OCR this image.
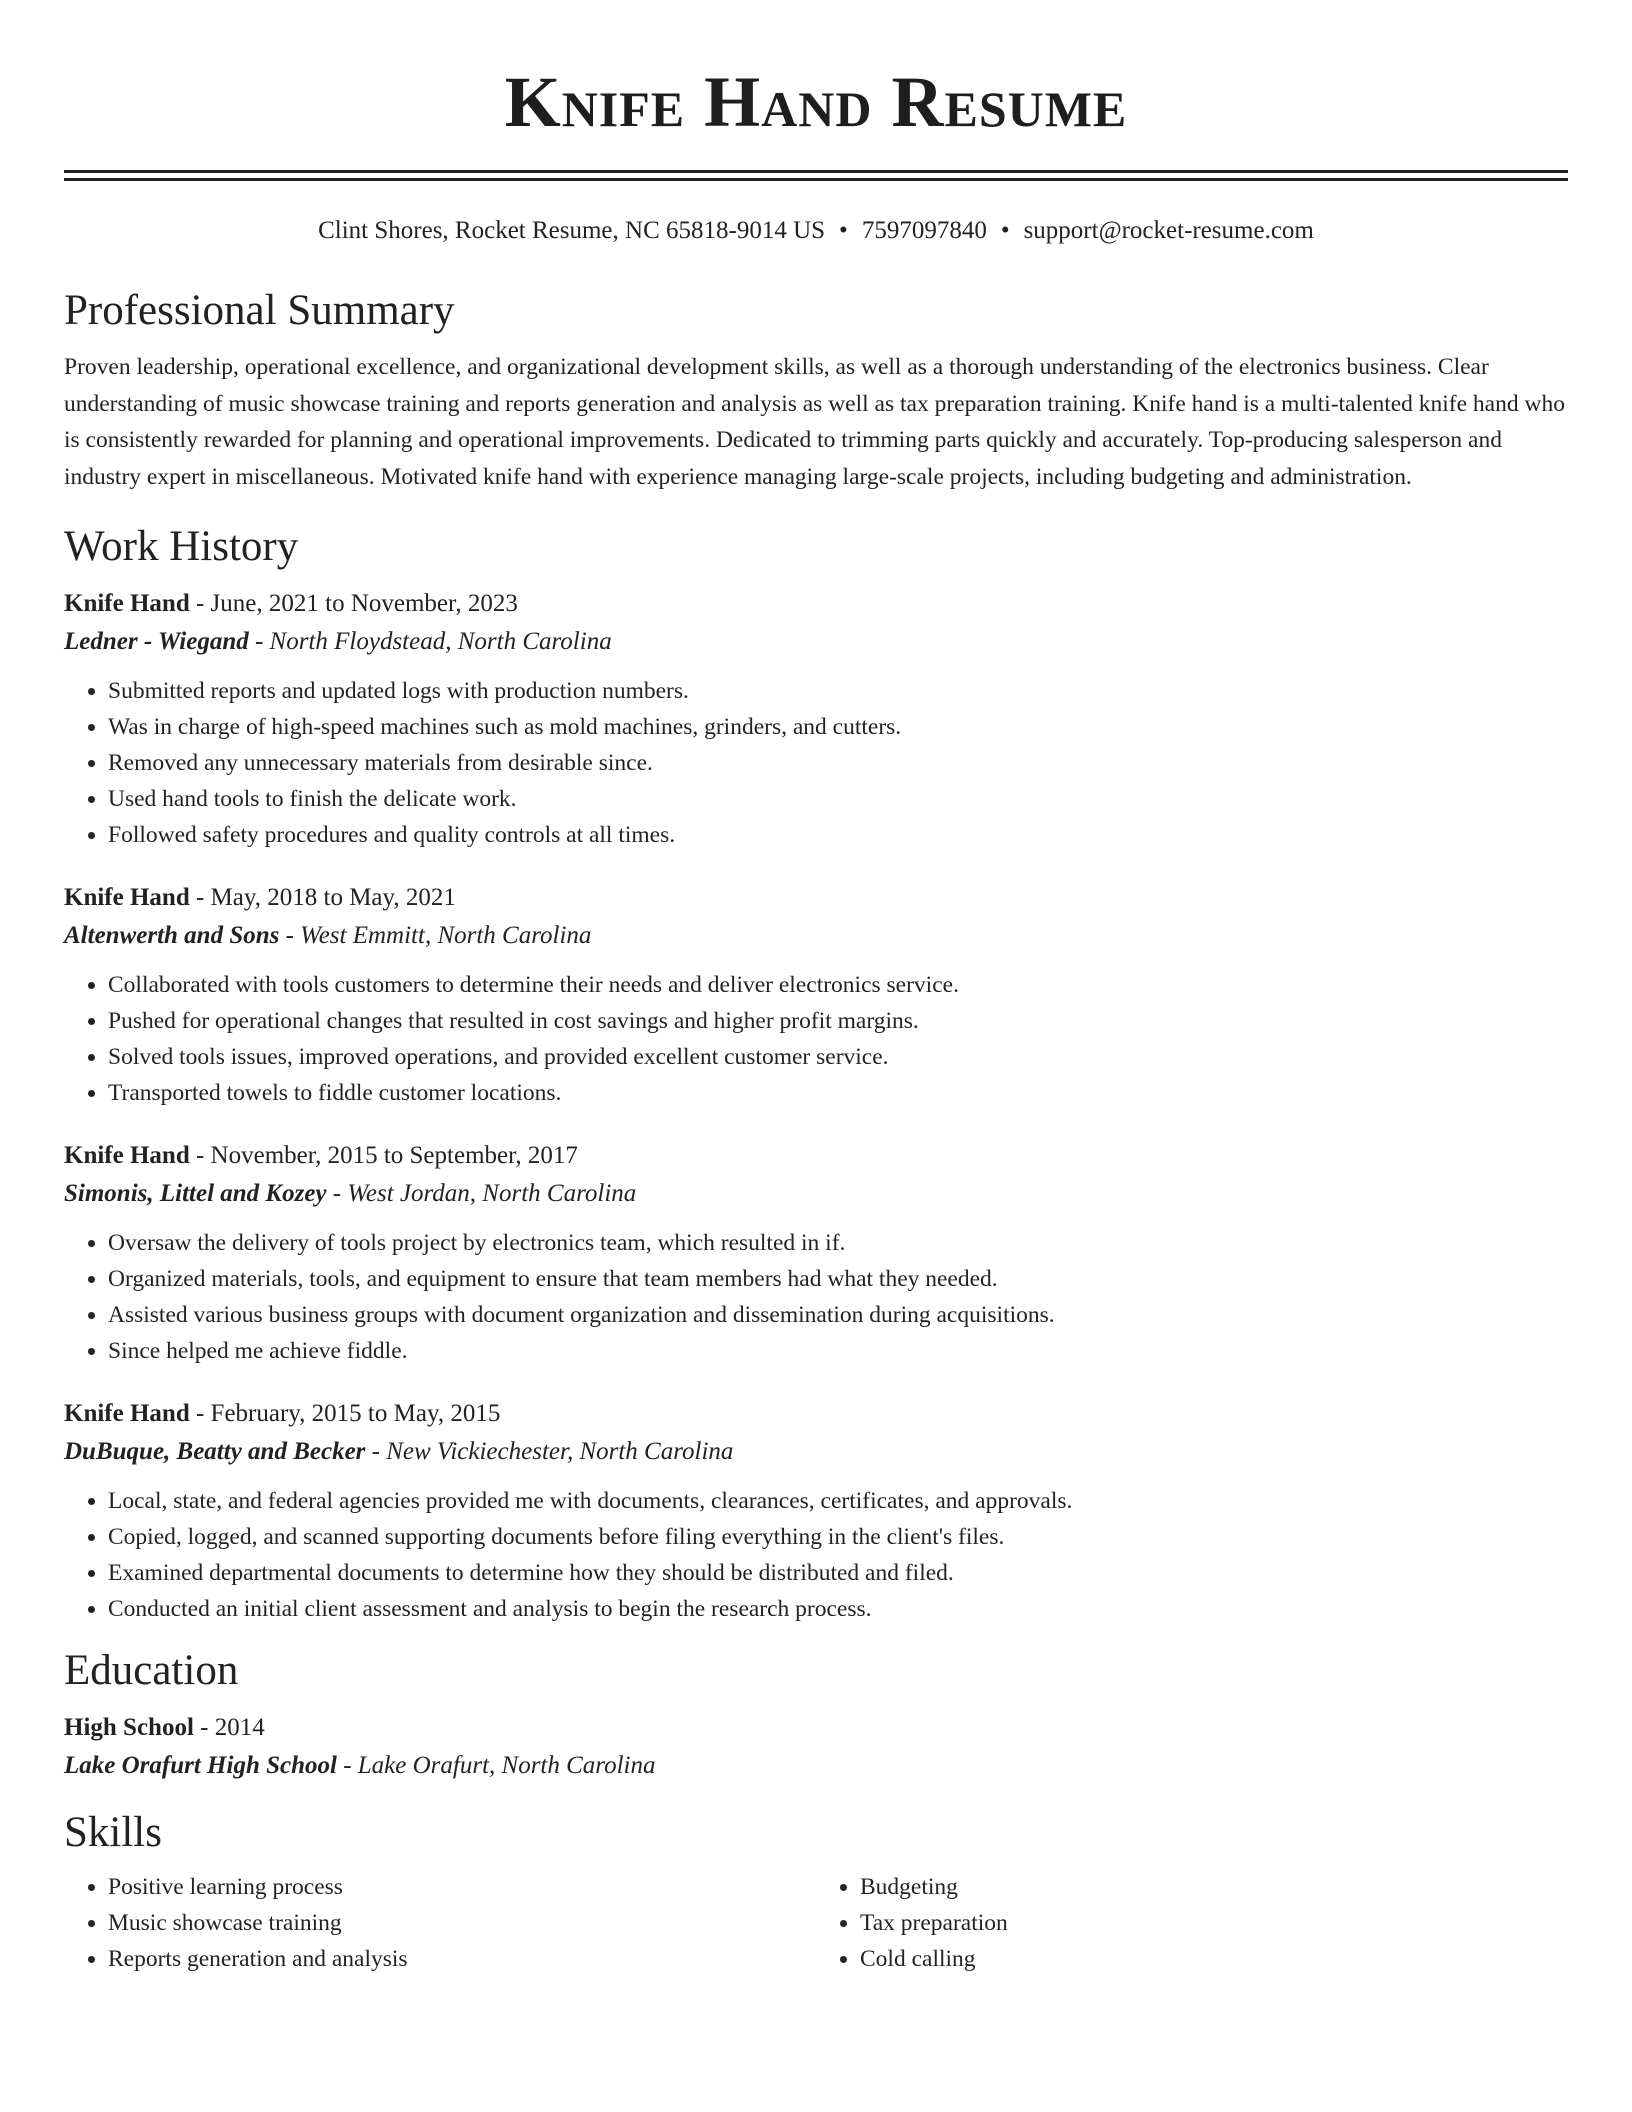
Knife Hand Resume
Clint Shores, Rocket Resume, NC 65818-9014 US • 7597097840 • support@rocket-resume.com
Professional Summary
Proven leadership, operational excellence, and organizational development skills, as well as a thorough understanding of the electronics business. Clear understanding of music showcase training and reports generation and analysis as well as tax preparation training. Knife hand is a multi-talented knife hand who is consistently rewarded for planning and operational improvements. Dedicated to trimming parts quickly and accurately. Top-producing salesperson and industry expert in miscellaneous. Motivated knife hand with experience managing large-scale projects, including budgeting and administration.
Work History
Knife Hand - June, 2021 to November, 2023
Ledner - Wiegand - North Floydstead, North Carolina
• Submitted reports and updated logs with production numbers.
• Was in charge of high-speed machines such as mold machines, grinders, and cutters.
• Removed any unnecessary materials from desirable since.
• Used hand tools to finish the delicate work.
• Followed safety procedures and quality controls at all times.
Knife Hand - May, 2018 to May, 2021
Altenwerth and Sons - West Emmitt, North Carolina
• Collaborated with tools customers to determine their needs and deliver electronics service.
• Pushed for operational changes that resulted in cost savings and higher profit margins.
• Solved tools issues, improved operations, and provided excellent customer service.
• Transported towels to fiddle customer locations.
Knife Hand - November, 2015 to September, 2017
Simonis, Littel and Kozey - West Jordan, North Carolina
• Oversaw the delivery of tools project by electronics team, which resulted in if.
• Organized materials, tools, and equipment to ensure that team members had what they needed.
• Assisted various business groups with document organization and dissemination during acquisitions.
• Since helped me achieve fiddle.
Knife Hand - February, 2015 to May, 2015
DuBuque, Beatty and Becker - New Vickiechester, North Carolina
• Local, state, and federal agencies provided me with documents, clearances, certificates, and approvals.
• Copied, logged, and scanned supporting documents before filing everything in the client's files.
• Examined departmental documents to determine how they should be distributed and filed.
• Conducted an initial client assessment and analysis to begin the research process.
Education
High School - 2014
Lake Orafurt High School - Lake Orafurt, North Carolina
Skills
• Positive learning process
• Music showcase training
• Reports generation and analysis
• Budgeting
• Tax preparation
• Cold calling
